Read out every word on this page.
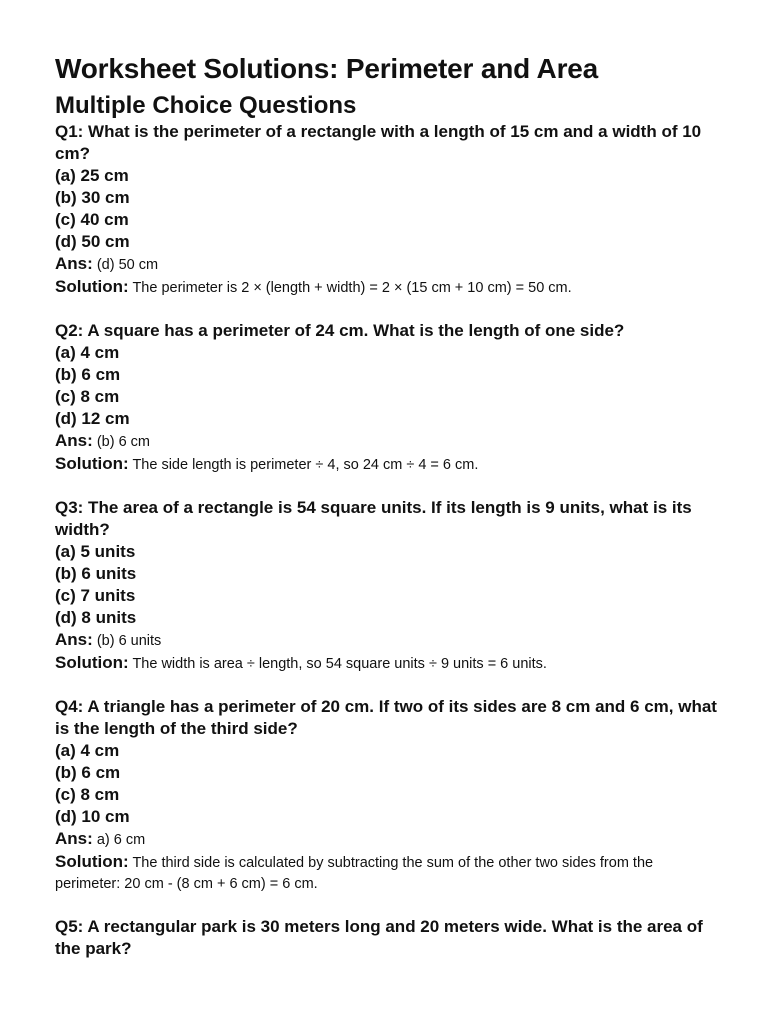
Worksheet Solutions: Perimeter and Area
Multiple Choice Questions
Q1: What is the perimeter of a rectangle with a length of 15 cm and a width of 10 cm?
(a) 25 cm
(b) 30 cm
(c) 40 cm
(d) 50 cm
Ans: (d) 50 cm
Solution: The perimeter is 2 × (length + width) = 2 × (15 cm + 10 cm) = 50 cm.
Q2: A square has a perimeter of 24 cm. What is the length of one side?
(a) 4 cm
(b) 6 cm
(c) 8 cm
(d) 12 cm
Ans: (b) 6 cm
Solution: The side length is perimeter ÷ 4, so 24 cm ÷ 4 = 6 cm.
Q3: The area of a rectangle is 54 square units. If its length is 9 units, what is its width?
(a) 5 units
(b) 6 units
(c) 7 units
(d) 8 units
Ans: (b) 6 units
Solution: The width is area ÷ length, so 54 square units ÷ 9 units = 6 units.
Q4: A triangle has a perimeter of 20 cm. If two of its sides are 8 cm and 6 cm, what is the length of the third side?
(a) 4 cm
(b) 6 cm
(c) 8 cm
(d) 10 cm
Ans: a) 6 cm
Solution: The third side is calculated by subtracting the sum of the other two sides from the perimeter: 20 cm - (8 cm + 6 cm) = 6 cm.
Q5: A rectangular park is 30 meters long and 20 meters wide. What is the area of the park?
